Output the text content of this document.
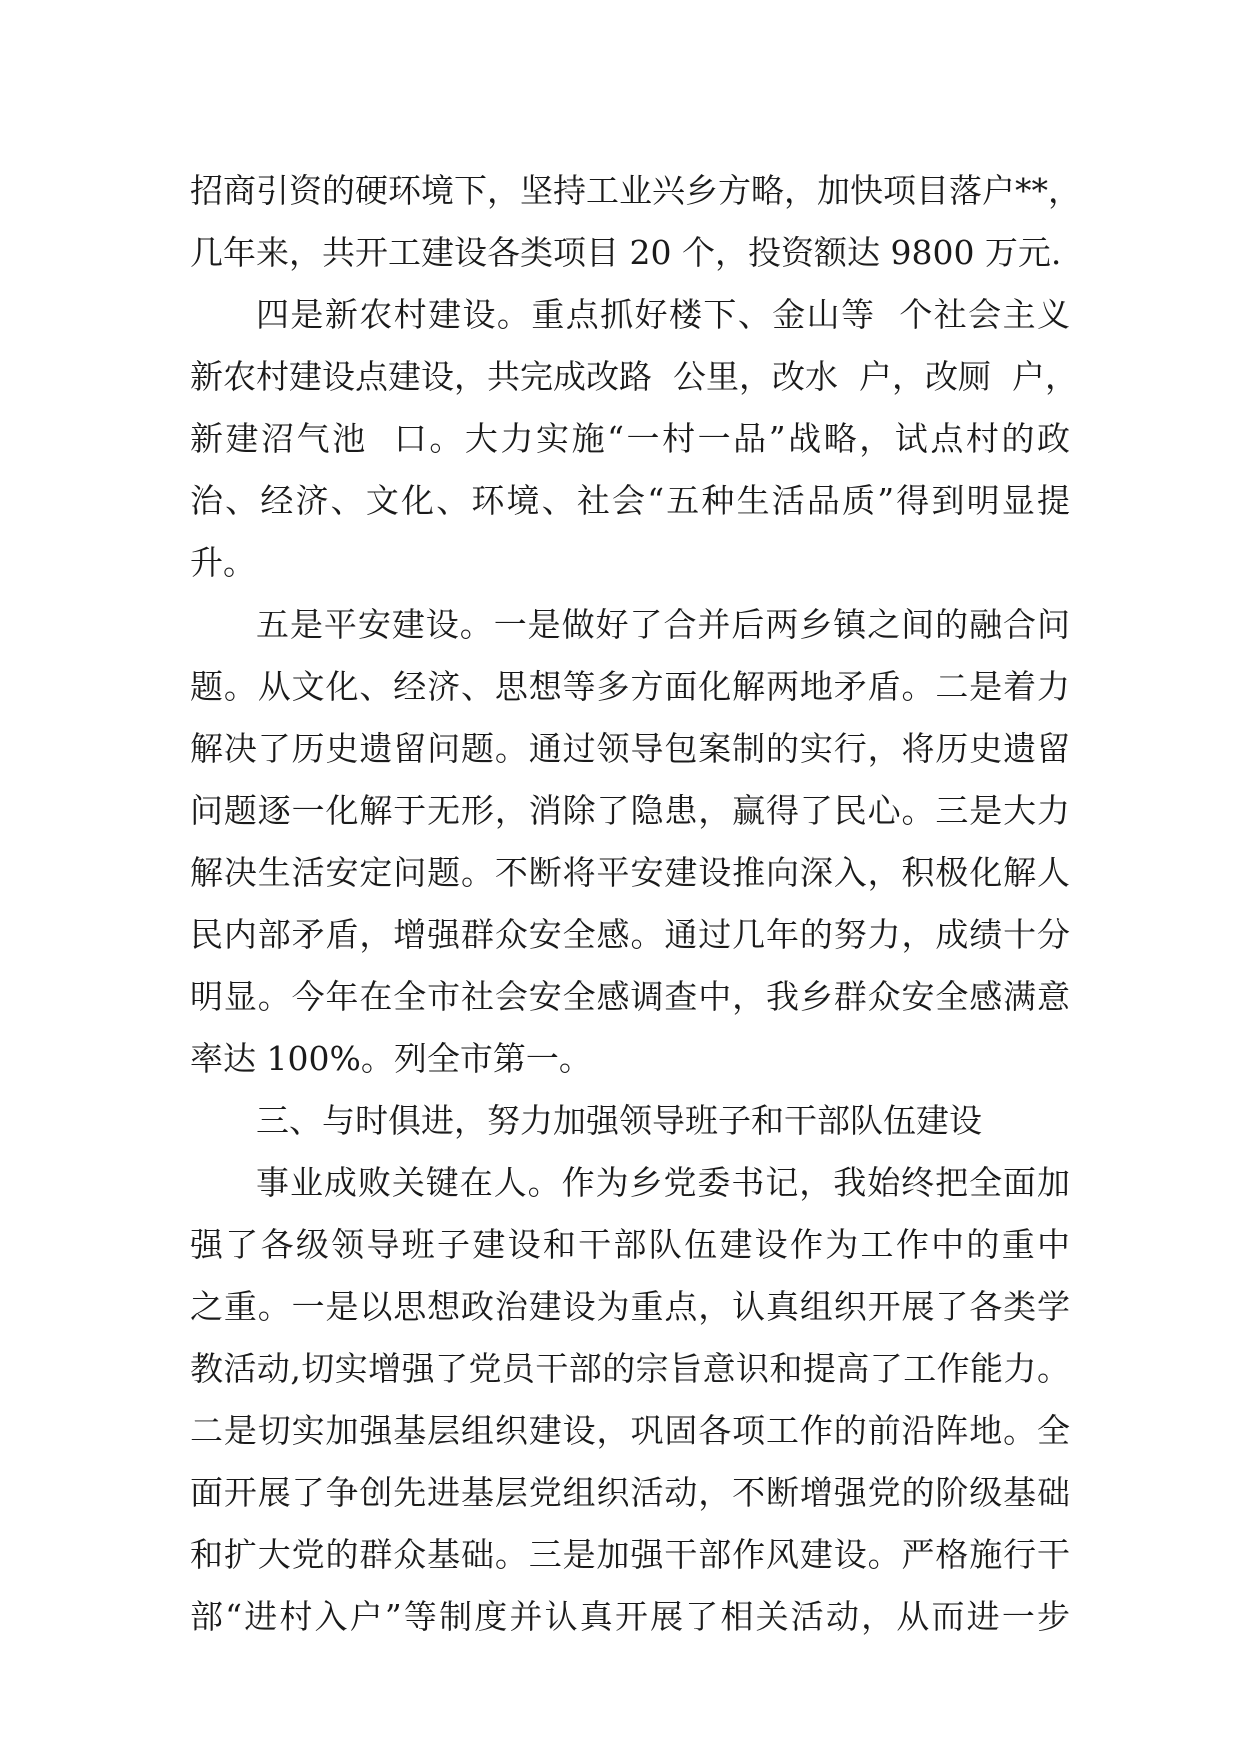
招商引资的硬环境下，坚持工业兴乡方略，加快项目落户**，
几年来，共开工建设各类项目 20 个，投资额达 9800 万元.
四是新农村建设。重点抓好楼下、金山等  个社会主义
新农村建设点建设，共完成改路  公里，改水  户，改厕  户，
新建沼气池  口。大力实施“一村一品”战略，试点村的政
治、经济、文化、环境、社会“五种生活品质”得到明显提
升。
五是平安建设。一是做好了合并后两乡镇之间的融合问
题。从文化、经济、思想等多方面化解两地矛盾。二是着力
解决了历史遗留问题。通过领导包案制的实行，将历史遗留
问题逐一化解于无形，消除了隐患，赢得了民心。三是大力
解决生活安定问题。不断将平安建设推向深入，积极化解人
民内部矛盾，增强群众安全感。通过几年的努力，成绩十分
明显。今年在全市社会安全感调查中，我乡群众安全感满意
率达 100%。列全市第一。
三、与时俱进，努力加强领导班子和干部队伍建设
事业成败关键在人。作为乡党委书记，我始终把全面加
强了各级领导班子建设和干部队伍建设作为工作中的重中
之重。一是以思想政治建设为重点，认真组织开展了各类学
教活动,切实增强了党员干部的宗旨意识和提高了工作能力。
二是切实加强基层组织建设，巩固各项工作的前沿阵地。全
面开展了争创先进基层党组织活动，不断增强党的阶级基础
和扩大党的群众基础。三是加强干部作风建设。严格施行干
部“进村入户”等制度并认真开展了相关活动，从而进一步
